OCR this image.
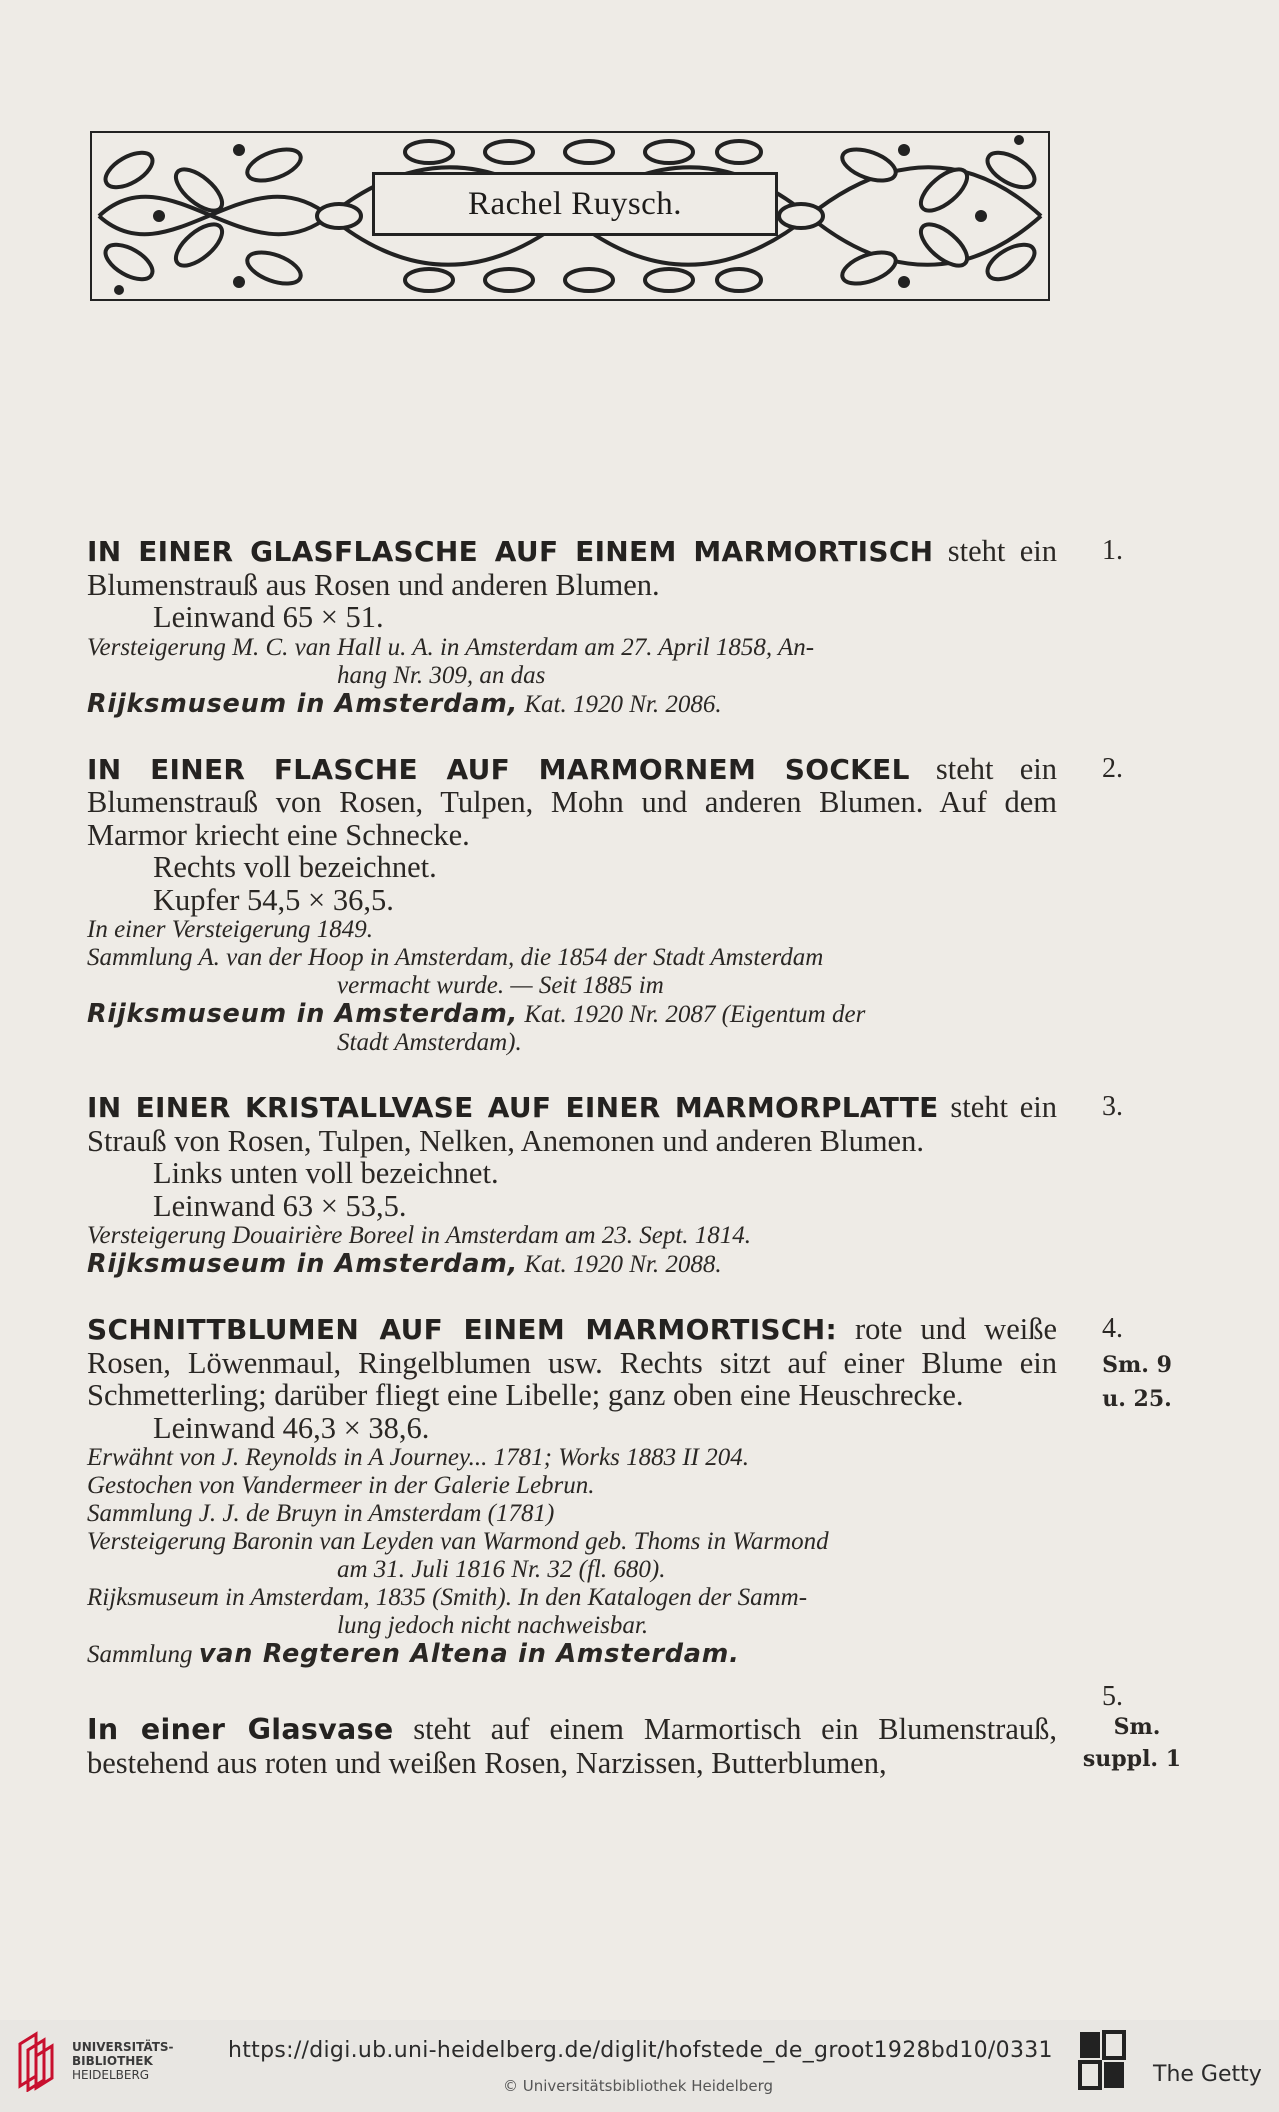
Rachel Ruysch.
1.
IN EINER GLASFLASCHE AUF EINEM MARMORTISCH steht ein Blumenstrauß aus Rosen und anderen Blumen.
Leinwand 65 × 51.
Versteigerung M. C. van Hall u. A. in Amsterdam am 27. April 1858, An-
hang Nr. 309, an das
Rijksmuseum in Amsterdam, Kat. 1920 Nr. 2086.
2.
IN EINER FLASCHE AUF MARMORNEM SOCKEL steht ein Blumenstrauß von Rosen, Tulpen, Mohn und anderen Blumen. Auf dem Marmor kriecht eine Schnecke.
Rechts voll bezeichnet.
Kupfer 54,5 × 36,5.
In einer Versteigerung 1849.
Sammlung A. van der Hoop in Amsterdam, die 1854 der Stadt Amsterdam
vermacht wurde. — Seit 1885 im
Rijksmuseum in Amsterdam, Kat. 1920 Nr. 2087 (Eigentum der
Stadt Amsterdam).
3.
IN EINER KRISTALLVASE AUF EINER MARMORPLATTE steht ein Strauß von Rosen, Tulpen, Nelken, Anemonen und anderen Blumen.
Links unten voll bezeichnet.
Leinwand 63 × 53,5.
Versteigerung Douairière Boreel in Amsterdam am 23. Sept. 1814.
Rijksmuseum in Amsterdam, Kat. 1920 Nr. 2088.
4.
Sm. 9
u. 25.
SCHNITTBLUMEN AUF EINEM MARMORTISCH: rote und weiße Rosen, Löwenmaul, Ringelblumen usw. Rechts sitzt auf einer Blume ein Schmetterling; darüber fliegt eine Libelle; ganz oben eine Heuschrecke.
Leinwand 46,3 × 38,6.
Erwähnt von J. Reynolds in A Journey... 1781; Works 1883 II 204.
Gestochen von Vandermeer in der Galerie Lebrun.
Sammlung J. J. de Bruyn in Amsterdam (1781)
Versteigerung Baronin van Leyden van Warmond geb. Thoms in Warmond
am 31. Juli 1816 Nr. 32 (fl. 680).
Rijksmuseum in Amsterdam, 1835 (Smith). In den Katalogen der Samm-
lung jedoch nicht nachweisbar.
Sammlung van Regteren Altena in Amsterdam.
5.
Sm.
suppl. 1
In einer Glasvase steht auf einem Marmortisch ein Blumenstrauß, bestehend aus roten und weißen Rosen, Narzissen, Butterblumen,
UNIVERSITÄTS-
BIBLIOTHEK
HEIDELBERG
https://digi.ub.uni-heidelberg.de/diglit/hofstede_de_groot1928bd10/0331
© Universitätsbibliothek Heidelberg	The Getty
